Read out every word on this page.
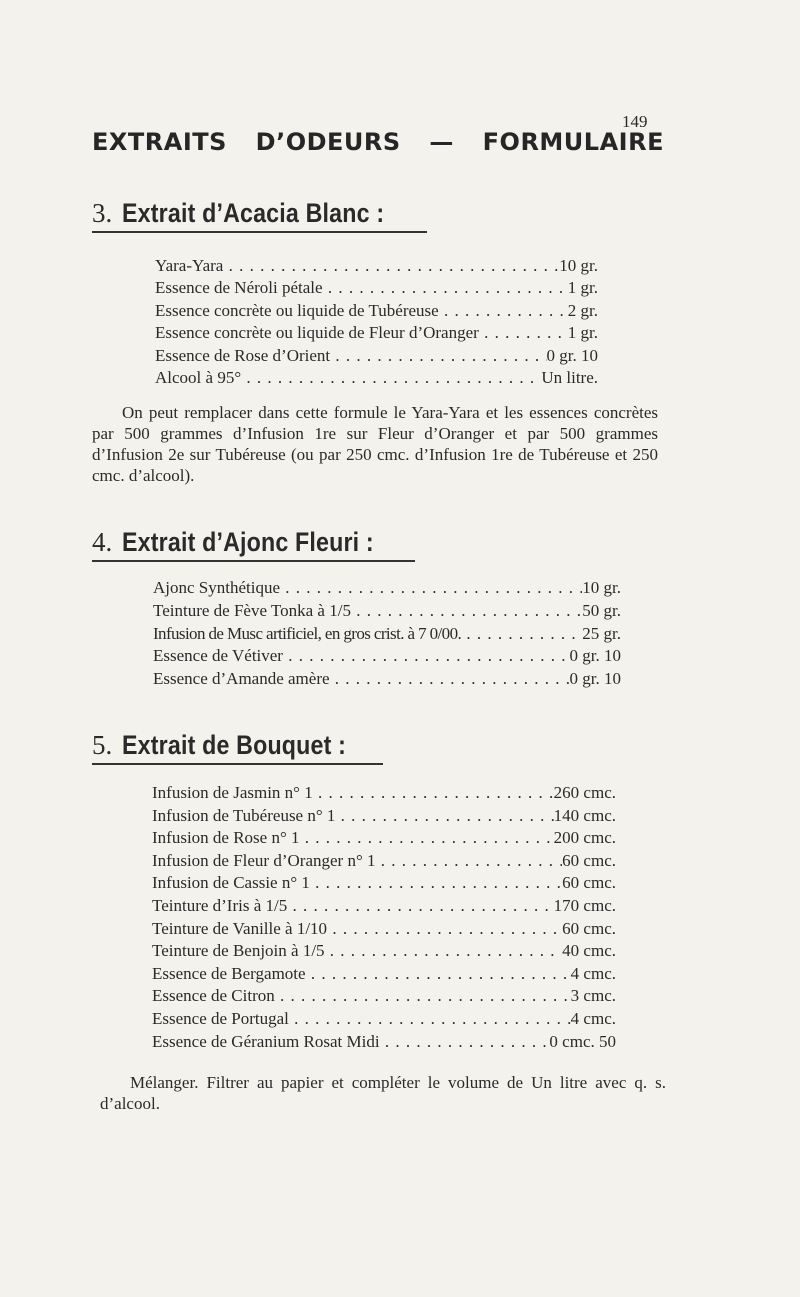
149
EXTRAITS D’ODEURS — FORMULAIRE
3. Extrait d’Acacia Blanc :
Yara-Yara . . .	10 gr.
Essence de Néroli pétale . . .	1 gr.
Essence concrète ou liquide de Tubéreuse . . .	2 gr.
Essence concrète ou liquide de Fleur d’Oranger . . .	1 gr.
Essence de Rose d’Orient . . .	0 gr. 10
Alcool à 95° . . .	Un litre.

On peut remplacer dans cette formule le Yara-Yara et les essences concrètes par 500 grammes d’Infusion 1re sur Fleur d’Oranger et par 500 grammes d’Infusion 2e sur Tubéreuse (ou par 250 cmc. d’Infusion 1re de Tubéreuse et 250 cmc. d’alcool).

4. Extrait d’Ajonc Fleuri :
Ajonc Synthétique . . .	10 gr.
Teinture de Fève Tonka à 1/5 . . .	50 gr.
Infusion de Musc artificiel, en gros crist. à 7 0/00. . . .	25 gr.
Essence de Vétiver . . .	0 gr. 10
Essence d’Amande amère . . .	0 gr. 10
5. Extrait de Bouquet :
Infusion de Jasmin n° 1 . . .	260 cmc.
Infusion de Tubéreuse n° 1 . . .	140 cmc.
Infusion de Rose n° 1 . . .	200 cmc.
Infusion de Fleur d’Oranger n° 1 . . .	60 cmc.
Infusion de Cassie n° 1 . . .	60 cmc.
Teinture d’Iris à 1/5 . . .	170 cmc.
Teinture de Vanille à 1/10 . . .	60 cmc.
Teinture de Benjoin à 1/5 . . .	40 cmc.
Essence de Bergamote . . .	4 cmc.
Essence de Citron . . .	3 cmc.
Essence de Portugal . . .	4 cmc.
Essence de Géranium Rosat Midi . . .	0 cmc. 50

Mélanger. Filtrer au papier et compléter le volume de Un litre avec q. s. d’alcool.
